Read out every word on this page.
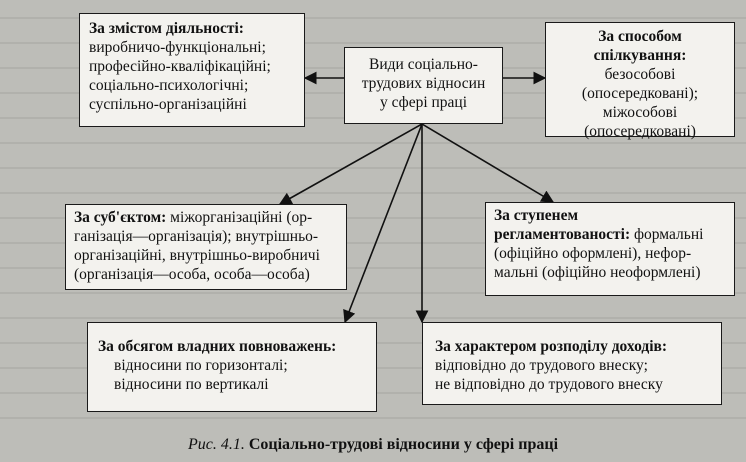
Види соціально-
трудових відносин
у сфері праці
За змістом діяльності:
виробничо-функціональні;
професійно-кваліфікаційні;
соціально-психологічні;
суспільно-організаційні
За способом
спілкування:
безособові
(опосередковані);
міжособові
(опосередковані)
За суб'єктом: міжорганізаційні (ор-
ганізація—організація); внутрішньо-
організаційні, внутрішньо-виробничі
(організація—особа, особа—особа)
За ступенем
регламентованості: формальні
(офіційно оформлені), нефор-
мальні (офіційно неоформлені)
За обсягом владних повноважень:
відносини по горизонталі;
відносини по вертикалі
За характером розподілу доходів:
відповідно до трудового внеску;
не відповідно до трудового внеску
Рис. 4.1. Соціально-трудові відносини у сфері праці
